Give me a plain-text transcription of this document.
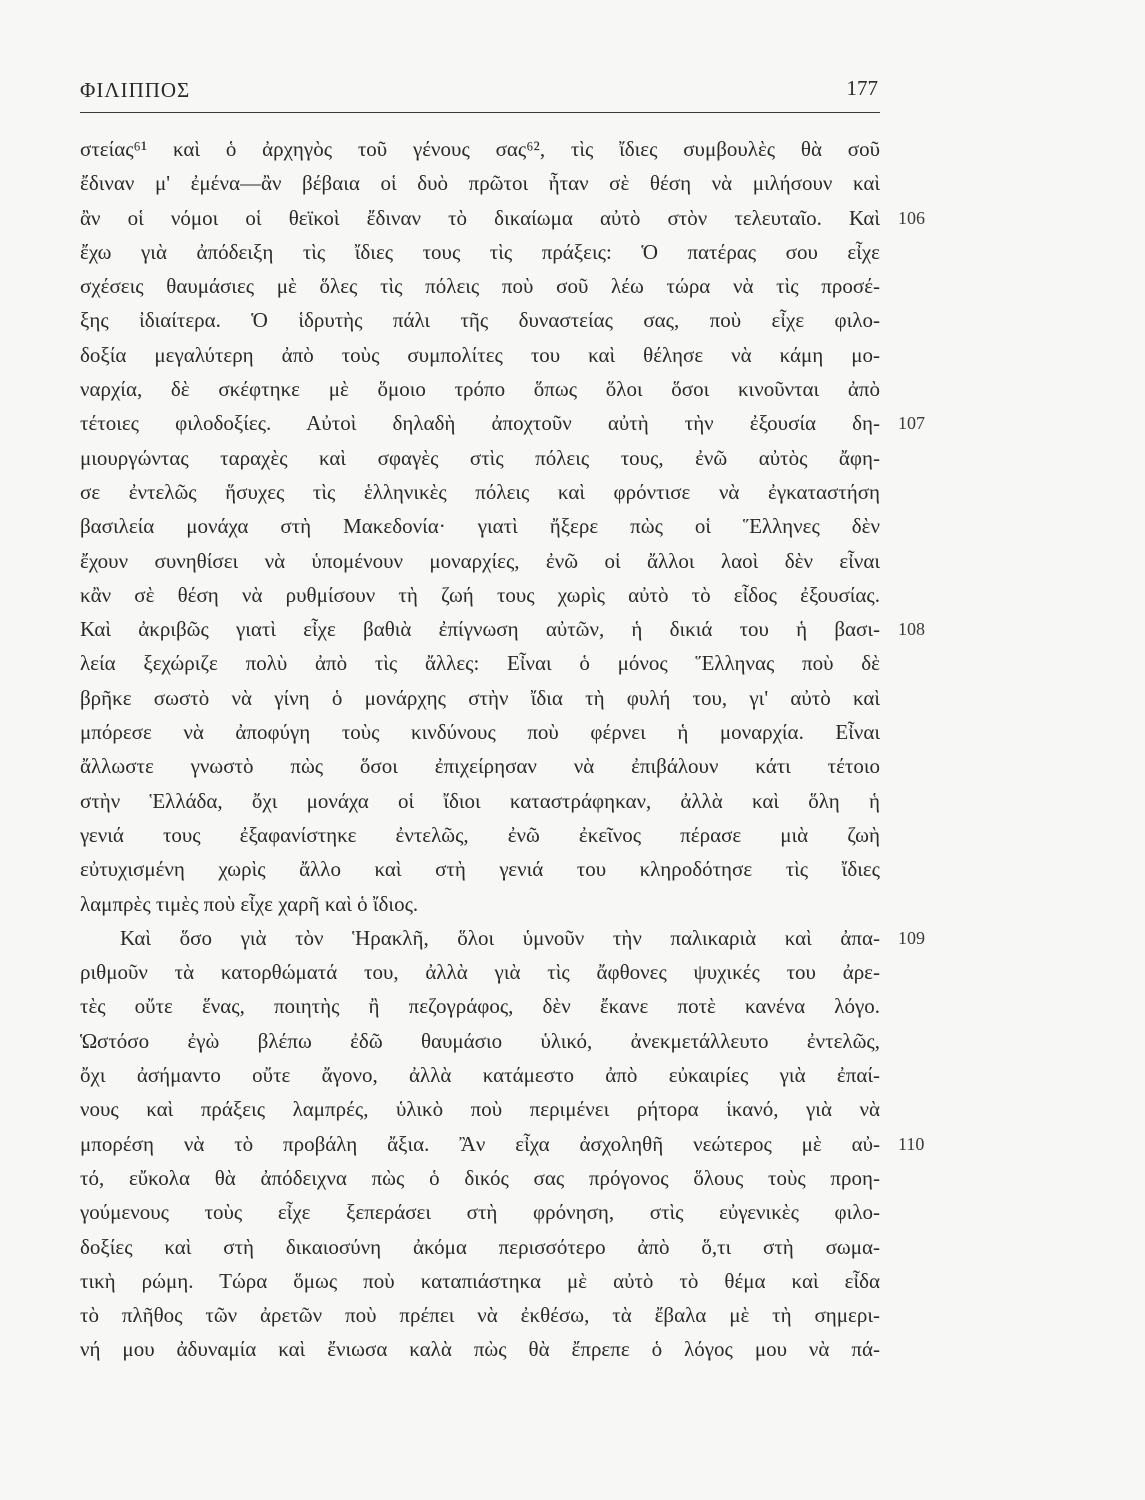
ΦΙΛΙΠΠΟΣ	177
στείας⁶¹ καὶ ὁ ἀρχηγὸς τοῦ γένους σας⁶², τὶς ἴδιες συμβουλὲς θὰ σοῦ
ἔδιναν μ' ἐμένα—ἂν βέβαια οἱ δυὸ πρῶτοι ἦταν σὲ θέση νὰ μιλήσουν καὶ
ἂν οἱ νόμοι οἱ θεϊκοὶ ἔδιναν τὸ δικαίωμα αὐτὸ στὸν τελευταῖο. Καὶ 106
ἔχω γιὰ ἀπόδειξη τὶς ἴδιες τους τὶς πράξεις: Ὁ πατέρας σου εἶχε
σχέσεις θαυμάσιες μὲ ὅλες τὶς πόλεις ποὺ σοῦ λέω τώρα νὰ τὶς προσέ-
ξης ἰδιαίτερα. Ὁ ἱδρυτὴς πάλι τῆς δυναστείας σας, ποὺ εἶχε φιλο-
δοξία μεγαλύτερη ἀπὸ τοὺς συμπολίτες του καὶ θέλησε νὰ κάμη μο-
ναρχία, δὲ σκέφτηκε μὲ ὅμοιο τρόπο ὅπως ὅλοι ὅσοι κινοῦνται ἀπὸ
τέτοιες φιλοδοξίες. Αὐτοὶ δηλαδὴ ἀποχτοῦν αὐτὴ τὴν ἐξουσία δη- 107
μιουργώντας ταραχὲς καὶ σφαγὲς στὶς πόλεις τους, ἐνῶ αὐτὸς ἄφη-
σε ἐντελῶς ἥσυχες τὶς ἑλληνικὲς πόλεις καὶ φρόντισε νὰ ἐγκαταστήση
βασιλεία μονάχα στὴ Μακεδονία· γιατὶ ἤξερε πὼς οἱ Ἕλληνες δὲν
ἔχουν συνηθίσει νὰ ὑπομένουν μοναρχίες, ἐνῶ οἱ ἄλλοι λαοὶ δὲν εἶναι
κἂν σὲ θέση νὰ ρυθμίσουν τὴ ζωή τους χωρὶς αὐτὸ τὸ εἶδος ἐξουσίας.
Καὶ ἀκριβῶς γιατὶ εἶχε βαθιὰ ἐπίγνωση αὐτῶν, ἡ δικιά του ἡ βασι- 108
λεία ξεχώριζε πολὺ ἀπὸ τὶς ἄλλες: Εἶναι ὁ μόνος Ἕλληνας ποὺ δὲ
βρῆκε σωστὸ νὰ γίνη ὁ μονάρχης στὴν ἴδια τὴ φυλή του, γι' αὐτὸ καὶ
μπόρεσε νὰ ἀποφύγη τοὺς κινδύνους ποὺ φέρνει ἡ μοναρχία. Εἶναι
ἄλλωστε γνωστὸ πὼς ὅσοι ἐπιχείρησαν νὰ ἐπιβάλουν κάτι τέτοιο
στὴν Ἑλλάδα, ὄχι μονάχα οἱ ἴδιοι καταστράφηκαν, ἀλλὰ καὶ ὅλη ἡ
γενιά τους ἐξαφανίστηκε ἐντελῶς, ἐνῶ ἐκεῖνος πέρασε μιὰ ζωὴ
εὐτυχισμένη χωρὶς ἄλλο καὶ στὴ γενιά του κληροδότησε τὶς ἴδιες
λαμπρὲς τιμὲς ποὺ εἶχε χαρῆ καὶ ὁ ἴδιος.
Καὶ ὅσο γιὰ τὸν Ἡρακλῆ, ὅλοι ὑμνοῦν τὴν παλικαριὰ καὶ ἀπα- 109
ριθμοῦν τὰ κατορθώματά του, ἀλλὰ γιὰ τὶς ἄφθονες ψυχικές του ἀρε-
τὲς οὔτε ἕνας, ποιητὴς ἢ πεζογράφος, δὲν ἔκανε ποτὲ κανένα λόγο.
Ὡστόσο ἐγὼ βλέπω ἐδῶ θαυμάσιο ὑλικό, ἀνεκμετάλλευτο ἐντελῶς,
ὄχι ἀσήμαντο οὔτε ἄγονο, ἀλλὰ κατάμεστο ἀπὸ εὐκαιρίες γιὰ ἐπαί-
νους καὶ πράξεις λαμπρές, ὑλικὸ ποὺ περιμένει ρήτορα ἱκανό, γιὰ νὰ
μπορέση νὰ τὸ προβάλη ἄξια. Ἂν εἶχα ἀσχοληθῆ νεώτερος μὲ αὐ- 110
τό, εὔκολα θὰ ἀπόδειχνα πὼς ὁ δικός σας πρόγονος ὅλους τοὺς προη-
γούμενους τοὺς εἶχε ξεπεράσει στὴ φρόνηση, στὶς εὐγενικὲς φιλο-
δοξίες καὶ στὴ δικαιοσύνη ἀκόμα περισσότερο ἀπὸ ὅ,τι στὴ σωμα-
τικὴ ρώμη. Τώρα ὅμως ποὺ καταπιάστηκα μὲ αὐτὸ τὸ θέμα καὶ εἶδα
τὸ πλῆθος τῶν ἀρετῶν ποὺ πρέπει νὰ ἐκθέσω, τὰ ἔβαλα μὲ τὴ σημερι-
νή μου ἀδυναμία καὶ ἔνιωσα καλὰ πὼς θὰ ἔπρεπε ὁ λόγος μου νὰ πά-
